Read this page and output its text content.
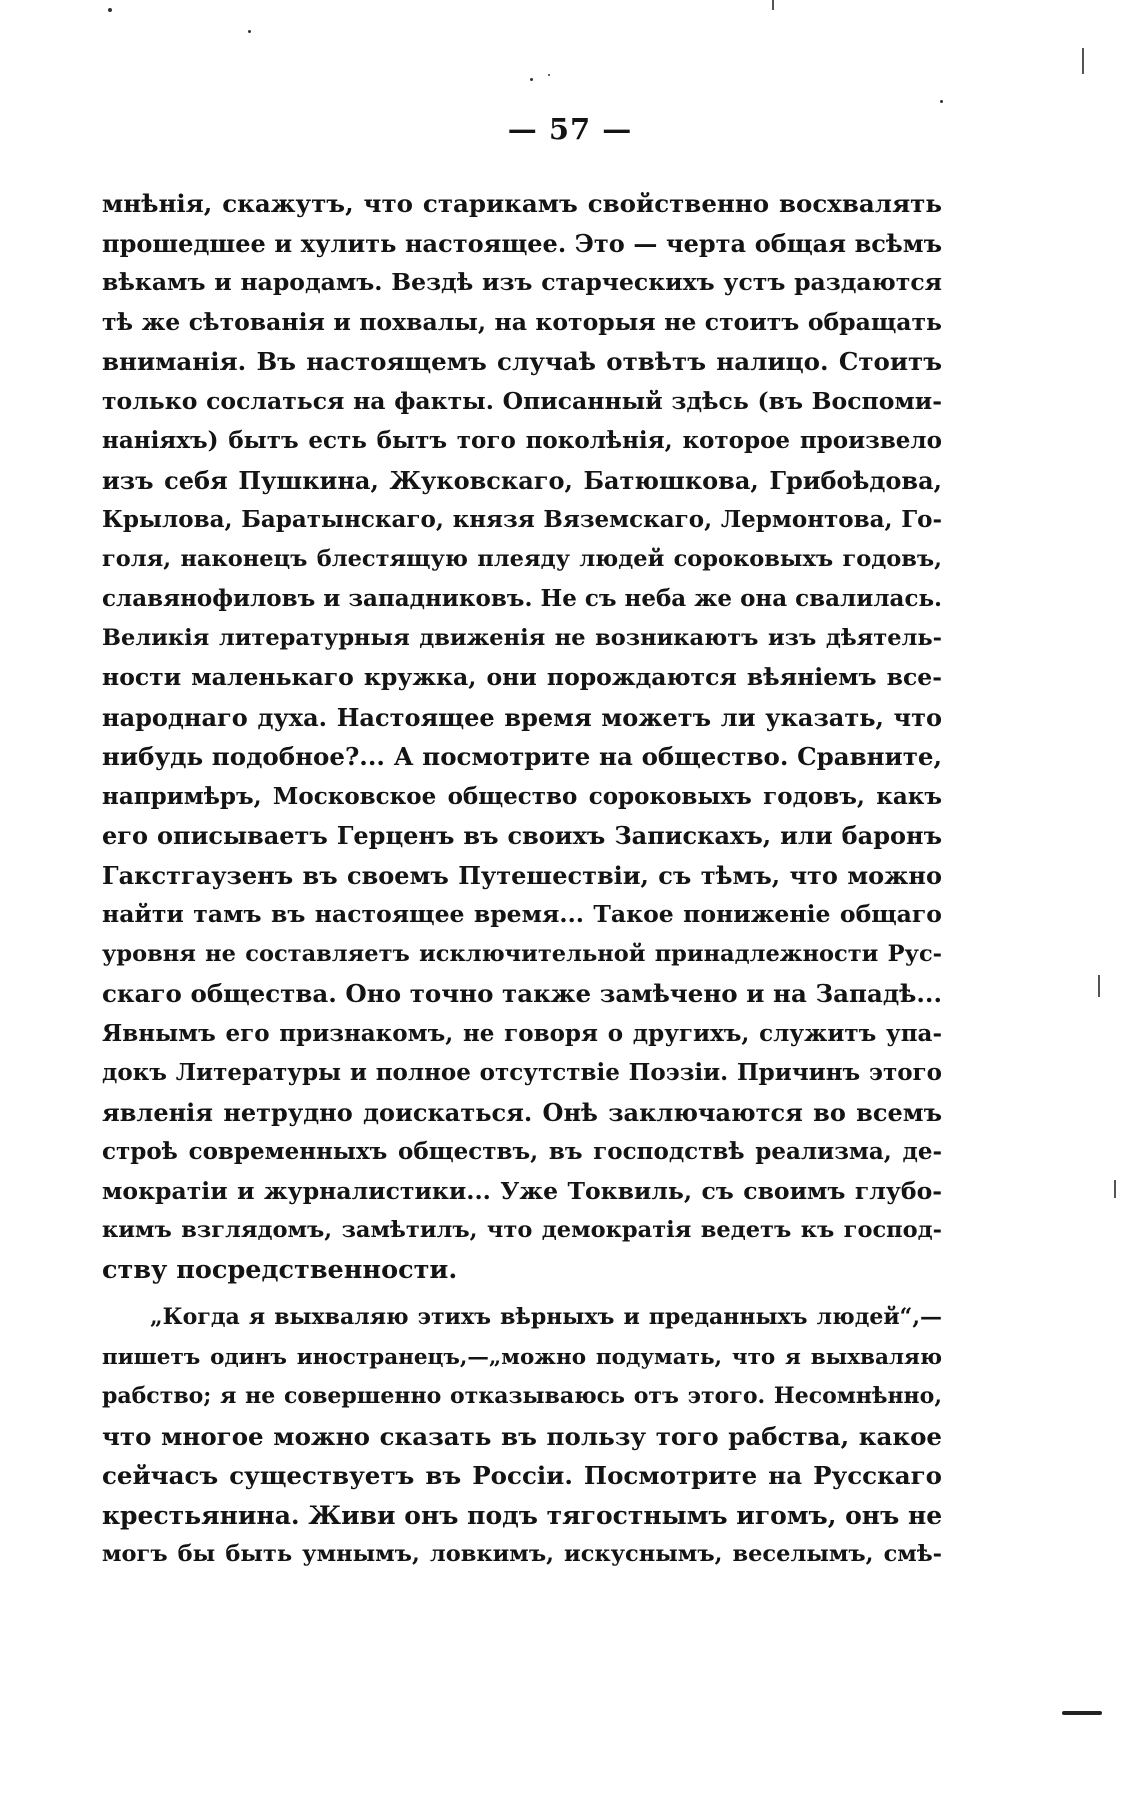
— 57 —
мнѣнія, скажутъ, что старикамъ свойственно восхвалять
прошедшее и хулить настоящее. Это — черта общая всѣмъ
вѣкамъ и народамъ. Вездѣ изъ старческихъ устъ раздаются
тѣ же сѣтованія и похвалы, на которыя не стоитъ обращать
вниманія. Въ настоящемъ случаѣ отвѣтъ налицо. Стоитъ
только сослаться на факты. Описанный здѣсь (въ Воспоми-
наніяхъ) бытъ есть бытъ того поколѣнія, которое произвело
изъ себя Пушкина, Жуковскаго, Батюшкова, Грибоѣдова,
Крылова, Баратынскаго, князя Вяземскаго, Лермонтова, Го-
голя, наконецъ блестящую плеяду людей сороковыхъ годовъ,
славянофиловъ и западниковъ. Не съ неба же она свалилась.
Великія литературныя движенія не возникаютъ изъ дѣятель-
ности маленькаго кружка, они порождаются вѣяніемъ все-
народнаго духа. Настоящее время можетъ ли указать, что
нибудь подобное?... А посмотрите на общество. Сравните,
напримѣръ, Московское общество сороковыхъ годовъ, какъ
его описываетъ Герценъ въ своихъ Запискахъ, или баронъ
Гакстгаузенъ въ своемъ Путешествіи, съ тѣмъ, что можно
найти тамъ въ настоящее время... Такое пониженіе общаго
уровня не составляетъ исключительной принадлежности Рус-
скаго общества. Оно точно также замѣчено и на Западѣ...
Явнымъ его признакомъ, не говоря о другихъ, служитъ упа-
докъ Литературы и полное отсутствіе Поэзіи. Причинъ этого
явленія нетрудно доискаться. Онѣ заключаются во всемъ
строѣ современныхъ обществъ, въ господствѣ реализма, де-
мократіи и журналистики... Уже Токвиль, съ своимъ глубо-
кимъ взглядомъ, замѣтилъ, что демократія ведетъ къ господ-
ству посредственности.
„Когда я выхваляю этихъ вѣрныхъ и преданныхъ людей“,—
пишетъ одинъ иностранецъ,—„можно подумать, что я выхваляю
рабство; я не совершенно отказываюсь отъ этого. Несомнѣнно,
что многое можно сказать въ пользу того рабства, какое
сейчасъ существуетъ въ Россіи. Посмотрите на Русскаго
крестьянина. Живи онъ подъ тягостнымъ игомъ, онъ не
могъ бы быть умнымъ, ловкимъ, искуснымъ, веселымъ, смѣ-
